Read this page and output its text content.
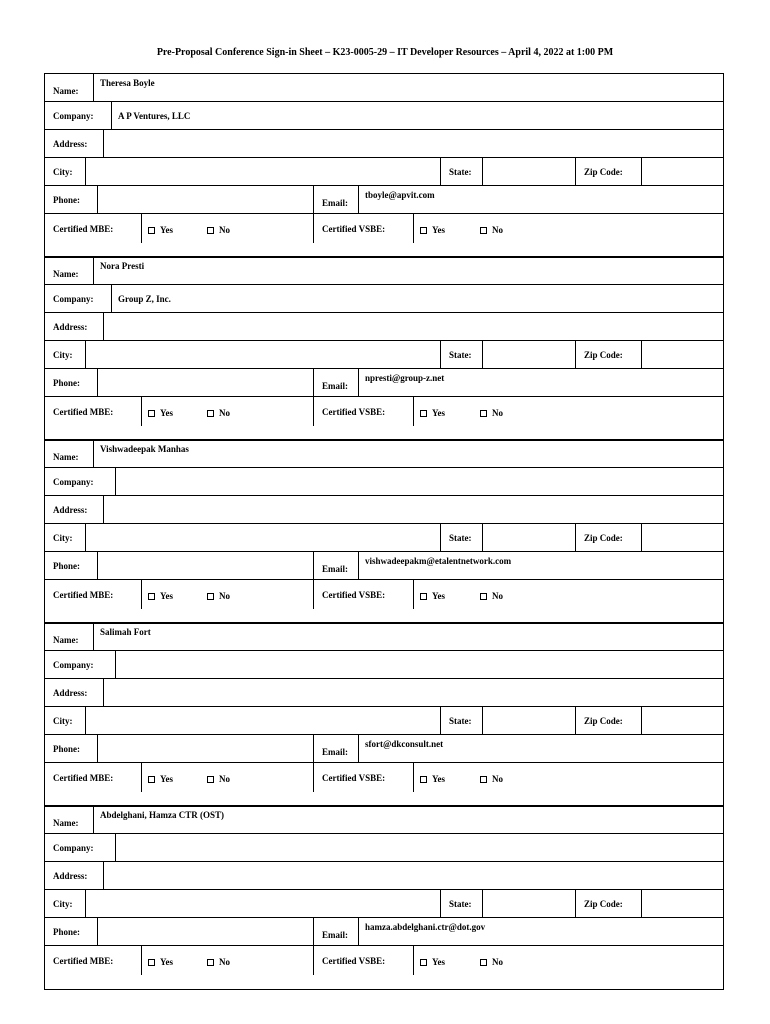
Pre-Proposal Conference Sign-in Sheet – K23-0005-29 – IT Developer Resources – April 4, 2022 at 1:00 PM
Name:
Theresa Boyle
Company:	A P Ventures, LLC
Address:
City:	State:	Zip Code:
Phone:	Email:
tboyle@apvit.com
Certified MBE:	Yes	No	Certified VSBE:	Yes	No
Name:
Nora Presti
Company:	Group Z, Inc.
Address:
City:	State:	Zip Code:
Phone:	Email:
npresti@group-z.net
Certified MBE:	Yes	No	Certified VSBE:	Yes	No
Name:
Vishwadeepak Manhas
Company:
Address:
City:	State:	Zip Code:
Phone:	Email:
vishwadeepakm@etalentnetwork.com
Certified MBE:	Yes	No	Certified VSBE:	Yes	No
Name:
Salimah Fort
Company:
Address:
City:	State:	Zip Code:
Phone:	Email:
sfort@dkconsult.net
Certified MBE:	Yes	No	Certified VSBE:	Yes	No
Name:
Abdelghani, Hamza CTR (OST)
Company:
Address:
City:	State:	Zip Code:
Phone:	Email:
hamza.abdelghani.ctr@dot.gov
Certified MBE:	Yes	No	Certified VSBE:	Yes	No
